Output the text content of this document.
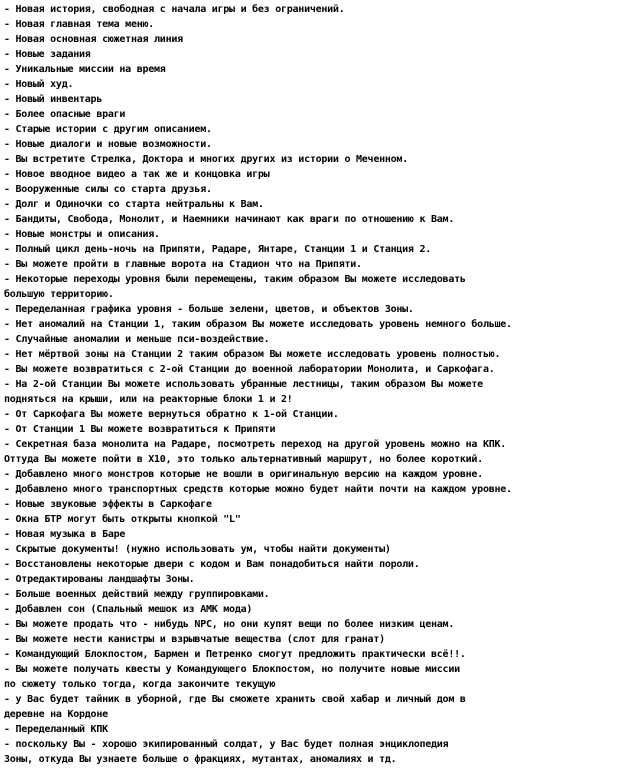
- Новая история, свободная с начала игры и без ограничений.
- Новая главная тема меню.
- Новая основная сюжетная линия
- Новые задания
- Уникальные миссии на время
- Новый худ.
- Новый инвентарь
- Более опасные враги
- Старые истории с другим описанием.
- Новые диалоги и новые возможности.
- Вы встретите Стрелка, Доктора и многих других из истории о Меченном.
- Новое вводное видео а так же и концовка игры
- Вооруженные силы со старта друзья.
- Долг и Одиночки со старта нейтральны к Вам.
- Бандиты, Свобода, Монолит, и Наемники начинают как враги по отношению к Вам.
- Новые монстры и описания.
- Полный цикл день-ночь на Припяти, Радаре, Янтаре, Станции 1 и Станция 2.
- Вы можете пройти в главные ворота на Стадион что на Припяти.
- Некоторые переходы уровня были перемещены, таким образом Вы можете исследовать
большую территорию.
- Переделанная графика уровня - больше зелени, цветов, и объектов Зоны.
- Нет аномалий на Станции 1, таким образом Вы можете исследовать уровень немного больше.
- Случайные аномалии и меньше пси-воздействие.
- Нет мёртвой зоны на Станции 2 таким образом Вы можете исследовать уровень полностью.
- Вы можете возвратиться с 2-ой Станции до военной лаборатории Монолита, и Саркофага.
- На 2-ой Станции Вы можете использовать убранные лестницы, таким образом Вы можете
подняться на крыши, или на реакторные блоки 1 и 2!
- От Саркофага Вы можете вернуться обратно к 1-ой Станции.
- От Станции 1 Вы можете возвратиться к Припяти
- Секретная база монолита на Радаре, посмотреть переход на другой уровень можно на КПК.
Оттуда Вы можете пойти в Х10, это только альтернативный маршрут, но более короткий.
- Добавлено много монстров которые не вошли в оригинальную версию на каждом уровне.
- Добавлено много транспортных средств которые можно будет найти почти на каждом уровне.
- Новые звуковые эффекты в Саркофаге
- Окна БТР могут быть открыты кнопкой "L"
- Новая музыка в Баре
- Скрытые документы! (нужно использовать ум, чтобы найти документы)
- Восстановлены некоторые двери с кодом и Вам понадобиться найти пороли.
- Отредактированы ландшафты Зоны.
- Больше военных действий между группировками.
- Добавлен сон (Спальный мешок из АМК мода)
- Вы можете продать что - нибудь NPC, но они купят вещи по более низким ценам.
- Вы можете нести канистры и взрывчатые вещества (слот для гранат)
- Командующий Блокпостом, Бармен и Петренко смогут предложить практически всё!!.
- Вы можете получать квесты у Командующего Блокпостом, но получите новые миссии
по сюжету только тогда, когда закончите текущую
- у Вас будет тайник в уборной, где Вы сможете хранить свой хабар и личный дом в
деревне на Кордоне
- Переделанный КПК
- поскольку Вы - хорошо экипированный солдат, у Вас будет полная энциклопедия
Зоны, откуда Вы узнаете больше о фракциях, мутантах, аномалиях и тд.
